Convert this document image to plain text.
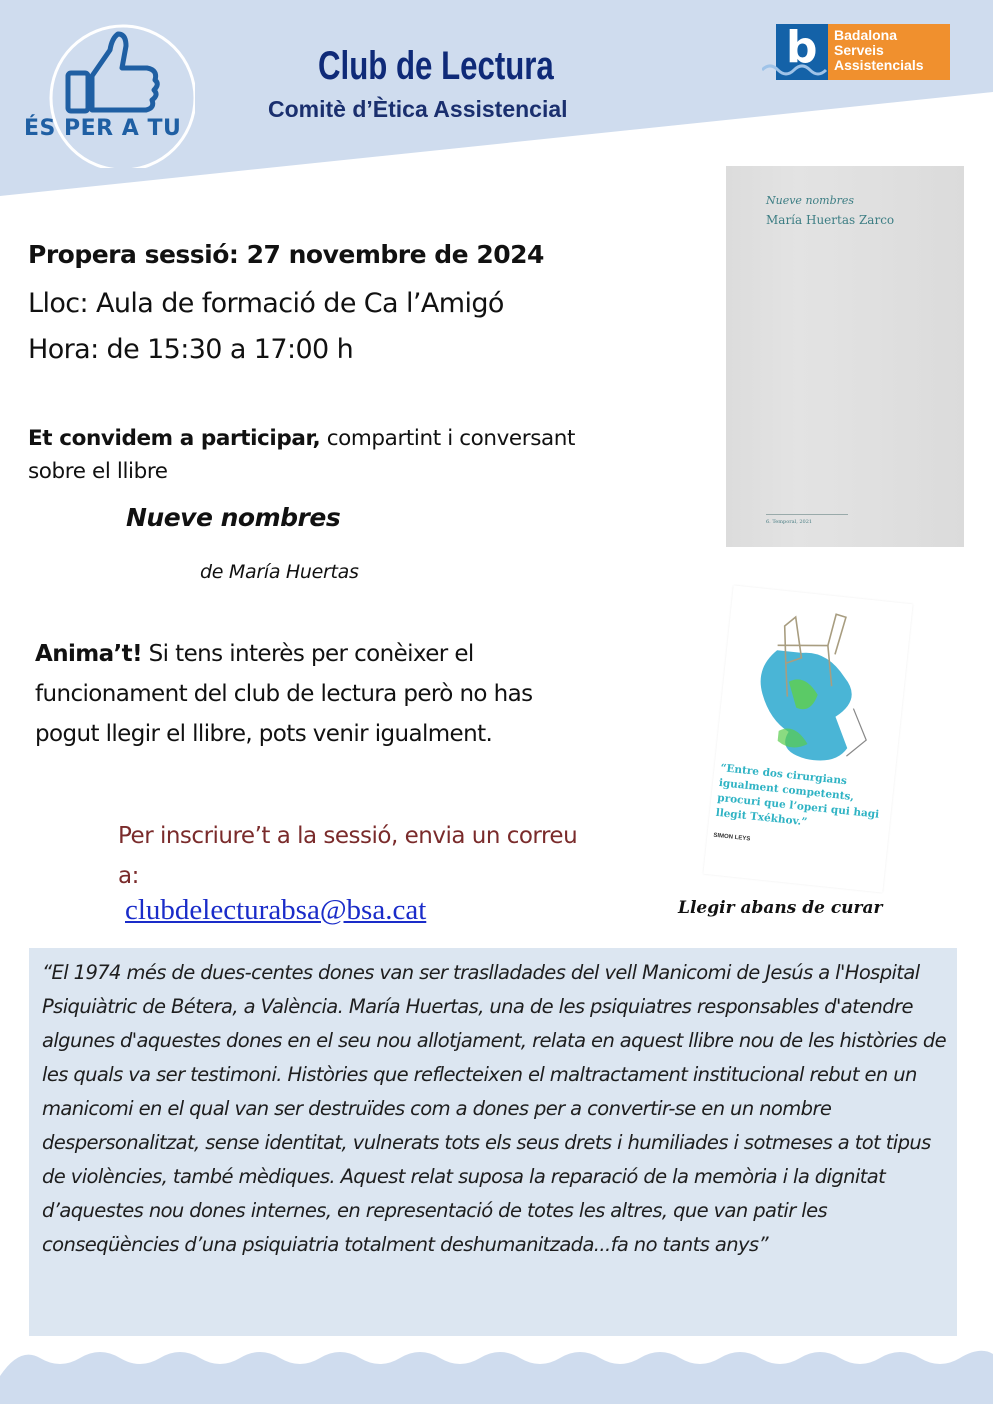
ÉS PER A TU
Club de Lectura
Comitè d’Ètica Assistencial
b Badalona
Serveis
Assistencials
Nueve nombres
María Huertas Zarco
6. Temporal, 2021
Propera sessió: 27 novembre de 2024
Lloc: Aula de formació de Ca l’Amigó
Hora: de 15:30 a 17:00 h
Et convidem a participar, compartint i conversant sobre el llibre
Nueve nombres
de María Huertas
Anima’t! Si tens interès per conèixer el funcionament del club de lectura però no has pogut llegir el llibre, pots venir igualment.
Per inscriure’t a la sessió, envia un correu a:
clubdelecturabsa@bsa.cat
“Entre dos cirurgians igualment competents, procuri que l’operi qui hagi llegit Txékhov.”
SIMON LEYS
Llegir abans de curar

“El 1974 més de dues-centes dones van ser traslladades del vell Manicomi de Jesús a l'Hospital Psiquiàtric de Bétera, a València. María Huertas, una de les psiquiatres responsables d'atendre algunes d'aquestes dones en el seu nou allotjament, relata en aquest llibre nou de les històries de les quals va ser testimoni. Històries que reflecteixen el maltractament institucional rebut en un manicomi en el qual van ser destruïdes com a dones per a convertir-se en un nombre despersonalitzat, sense identitat, vulnerats tots els seus drets i humiliades i sotmeses a tot tipus de violències, també mèdiques. Aquest relat suposa la reparació de la memòria i la dignitat d’aquestes nou dones internes, en representació de totes les altres, que van patir les conseqüències d’una psiquiatria totalment deshumanitzada...fa no tants anys”
